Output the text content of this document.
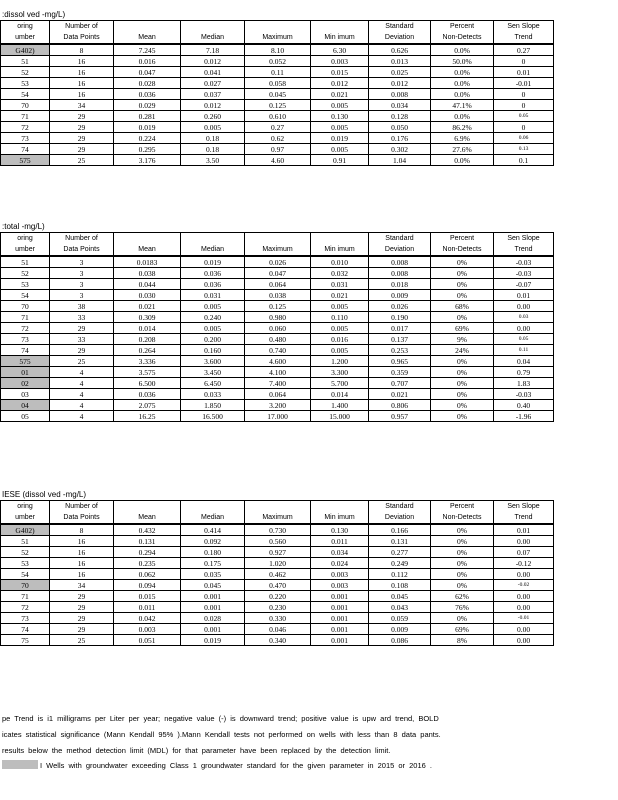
:dissol ved -mg/L)
oring	Number of					Standard	Percent	Sen Slope
umber	Data Points	Mean	Median	Maximum	Min imum	Deviation	Non-Detects	Trend
G402)	8	7.245	7.18	8.10	6.30	0.626	0.0%	0.27
51	16	0.016	0.012	0.052	0.003	0.013	50.0%	0
52	16	0.047	0.041	0.11	0.015	0.025	0.0%	0.01
53	16	0.028	0.027	0.058	0.012	0.012	0.0%	-0.01
54	16	0.036	0.037	0.045	0.021	0.008	0.0%	0
70	34	0.029	0.012	0.125	0.005	0.034	47.1%	0
71	29	0.281	0.260	0.610	0.130	0.128	0.0%	0.05
72	29	0.019	0.005	0.27	0.005	0.050	86.2%	0
73	29	0.224	0.18	0.62	0.019	0.176	6.9%	0.06
74	29	0.295	0.18	0.97	0.005	0.302	27.6%	0.13
575	25	3.176	3.50	4.60	0.91	1.04	0.0%	0.1
:total -mg/L)
oring	Number of					Standard	Percent	Sen Slope
umber	Data Points	Mean	Median	Maximum	Min imum	Deviation	Non-Detects	Trend
51	3	0.0183	0.019	0.026	0.010	0.008	0%	-0.03
52	3	0.038	0.036	0.047	0.032	0.008	0%	-0.03
53	3	0.044	0.036	0.064	0.031	0.018	0%	-0.07
54	3	0.030	0.031	0.038	0.021	0.009	0%	0.01
70	38	0.021	0.005	0.125	0.005	0.026	68%	0.00
71	33	0.309	0.240	0.980	0.110	0.190	0%	0.03
72	29	0.014	0.005	0.060	0.005	0.017	69%	0.00
73	33	0.208	0.200	0.480	0.016	0.137	9%	0.05
74	29	0.264	0.160	0.740	0.005	0.253	24%	0.11
575	25	3.336	3.600	4.600	1.200	0.965	0%	0.04
01	4	3.575	3.450	4.100	3.300	0.359	0%	0.79
02	4	6.500	6.450	7.400	5.700	0.707	0%	1.83
03	4	0.036	0.033	0.064	0.014	0.021	0%	-0.03
04	4	2.075	1.850	3.200	1.400	0.806	0%	0.40
05	4	16.25	16.500	17.000	15.000	0.957	0%	-1.96
IESE (dissol ved -mg/L)
oring	Number of					Standard	Percent	Sen Slope
umber	Data Points	Mean	Median	Maximum	Min imum	Deviation	Non-Detects	Trend
G402)	8	0.432	0.414	0.730	0.130	0.166	0%	0.01
51	16	0.131	0.092	0.560	0.011	0.131	0%	0.00
52	16	0.294	0.180	0.927	0.034	0.277	0%	0.07
53	16	0.235	0.175	1.020	0.024	0.249	0%	-0.12
54	16	0.062	0.035	0.462	0.003	0.112	0%	0.00
70	34	0.094	0.045	0.470	0.003	0.108	0%	-0.02
71	29	0.015	0.001	0.220	0.001	0.045	62%	0.00
72	29	0.011	0.001	0.230	0.001	0.043	76%	0.00
73	29	0.042	0.028	0.330	0.001	0.059	0%	-0.01
74	29	0.003	0.001	0.046	0.001	0.009	69%	0.00
75	25	0.051	0.019	0.340	0.001	0.086	8%	0.00
pe Trend is i1 milligrams per Liter per year; negative value (-) is downward trend; positive value is upw ard trend, BOLD
icates statistical significance (Mann Kendall 95% ).Mann Kendall tests not performed on wells with less than 8 data pants.
results below the method detection limit (MDL) for that parameter have been replaced by the detection limit.
I Wells with groundwater exceeding Class 1 groundwater standard for the given parameter in 2015 or 2016 .
